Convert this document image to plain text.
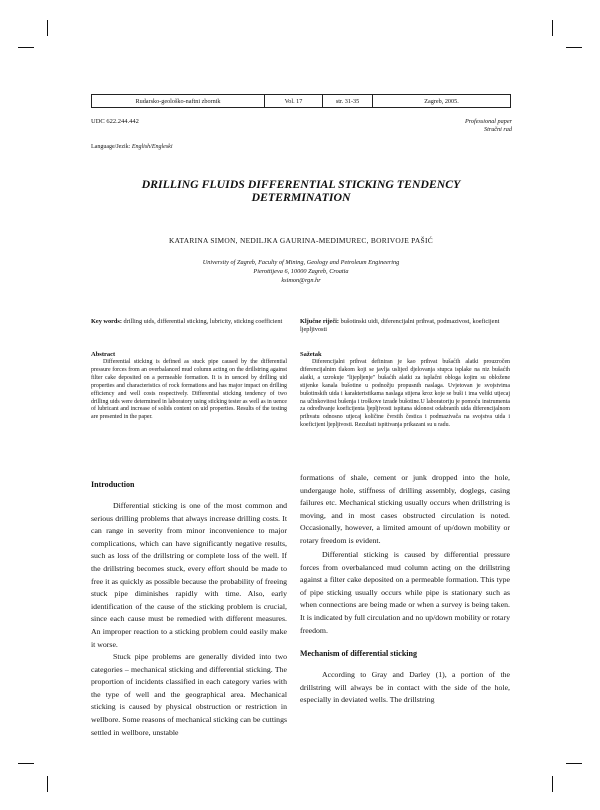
Rudarsko-geološko-naftni zbornik	Vol. 17	str. 31-35	Zagreb, 2005.
UDC 622.244.442	Professional paper
Stručni rad
Language/Jezik: English/Engleski
DRILLING FLUIDS DIFFERENTIAL STICKING TENDENCY
DETERMINATION
KATARINA SIMON, NEDILJKA GAURINA-MEDIMUREC, BORIVOJE PAŠIĆ
University of Zagreb, Faculty of Mining, Geology and Petroleum Engineering
Pierottijeva 6, 10000 Zagreb, Croatia
ksimon@rgn.hr
Key words: drilling uids, differential sticking, lubricity, sticking coefficient	Ključne riječi: bušotinski uidi, diferencijalni prihvat, podmazivost, koeficijent ljepljivosti
Abstract
Differential sticking is defined as stuck pipe caused by the differential pressure forces from an overbalanced mud column acting on the drillstring against filter cake deposited on a permeable formation. It is in uenced by drilling uid properties and characteristics of rock formations and has major impact on drilling efficiency and well costs respectively. Differential sticking tendency of two drilling uids were determined in laboratory using sticking tester as well as in uence of lubricant and increase of solids content on uid properties. Results of the testing are presented in the paper.
Sažetak
Diferencijalni prihvat definiran je kao prihvat bušaćih alatki prouzročen diferencijalnim tlakom koji se javlja uslijed djelovanja stupca isplake na niz bušaćih alatki, a uzrokuje "lijepljenje" bušaćih alatki za isplačni obloga kojim su obložene stijenke kanala bušotine u podnožju propusnih naslaga. Uvjetovan je svojstvima bušotinskih uida i karakteristikama naslaga stijena kroz koje se buši i ima veliki utjecaj na učinkovitost bušenja i troškove izrade bušotine.U laboratoriju je pomoću instrumenta za određivanje koeficijenta ljepljivosti ispitana sklonost odabranih uida diferencijalnom prihvatu odnosno utjecaj količine čvrstih čestica i podmazivača na svojstva uida i koeficijent ljepljivosti. Rezultati ispitivanja prikazani su u radu.
Introduction

Differential sticking is one of the most common and serious drilling problems that always increase drilling costs. It can range in severity from minor inconvenience to major complications, which can have significantly negative results, such as loss of the drillstring or complete loss of the well. If the drillstring becomes stuck, every effort should be made to free it as quickly as possible because the probability of freeing stuck pipe diminishes rapidly with time. Also, early identification of the cause of the sticking problem is crucial, since each cause must be remedied with different measures. An improper reaction to a sticking problem could easily make it worse.

Stuck pipe problems are generally divided into two categories – mechanical sticking and differential sticking. The proportion of incidents classified in each category varies with the type of well and the geographical area. Mechanical sticking is caused by physical obstruction or restriction in wellbore. Some reasons of mechanical sticking can be cuttings settled in wellbore, unstable

formations of shale, cement or junk dropped into the hole, undergauge hole, stiffness of drilling assembly, doglegs, casing failures etc. Mechanical sticking usually occurs when drillstring is moving, and in most cases obstructed circulation is noted. Occasionally, however, a limited amount of up/down mobility or rotary freedom is evident.

Differential sticking is caused by differential pressure forces from overbalanced mud column acting on the drillstring against a filter cake deposited on a permeable formation. This type of pipe sticking usually occurs while pipe is stationary such as when connections are being made or when a survey is being taken. It is indicated by full circulation and no up/down mobility or rotary freedom.

Mechanism of differential sticking

According to Gray and Darley (1), a portion of the drillstring will always be in contact with the side of the hole, especially in deviated wells. The drillstring
